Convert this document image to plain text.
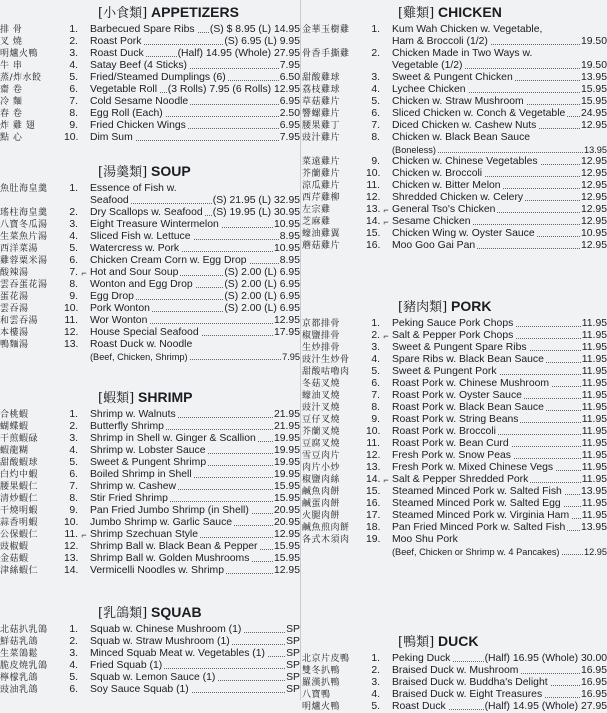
[小食類] APPETIZERS
排 骨	1. Barbecued Spare Ribs	(S) $ 8.95 (L) 14.95
叉 燒	2. Roast Pork	(S) 6.95 (L) 9.95
明爐火鴨	3. Roast Duck	(Half) 14.95 (Whole) 27.95
牛 串	4. Satay Beef (4 Sticks)	7.95
蒸/炸水餃	5. Fried/Steamed Dumplings (6)	6.50
齋 卷	6. Vegetable Roll	(3 Rolls) 7.95 (6 Rolls) 12.95
冷 麵	7. Cold Sesame Noodle	6.95
春 卷	8. Egg Roll (Each)	2.50
炸 雞 翅	9. Fried Chicken Wings	6.95
點 心	10. Dim Sum	7.95
[湯羹類] SOUP
魚肚海皇羹	1. Essence of Fish w.
Seafood	(S) 21.95 (L) 32.95
瑤柱海皇羹	2. Dry Scallops w. Seafood (S) 19.95 (L) 30.95
八寶冬瓜湯	3. Eight Treasure Wintermelon	10.95
生菜魚片湯	4. Sliced Fish w. Lettuce	8.95
西洋菜湯	5. Watercress w. Pork	10.95
雞蓉粟米湯	6. Chicken Cream Corn w. Egg Drop	8.95
酸辣湯	7. ⌐ Hot and Sour Soup	(S) 2.00 (L) 6.95
雲吞蛋花湯	8. Wonton and Egg Drop	(S) 2.00 (L) 6.95
蛋花湯	9. Egg Drop	(S) 2.00 (L) 6.95
雲吞湯	10. Pork Wonton	(S) 2.00 (L) 6.95
和雲吞湯	11. Wor Wonton	12.95
本樓湯	12. House Special Seafood	17.95
鴨麵湯	13. Roast Duck w. Noodle
(Beef, Chicken, Shrimp)	7.95
[蝦類] SHRIMP
合桃蝦	1. Shrimp w. Walnuts	21.95
蝴蝶蝦	2. Butterfly Shrimp	21.95
干煎蝦碌	3. Shrimp in Shell w. Ginger & Scallion	19.95
蝦龍糊	4. Shrimp w. Lobster Sauce	19.95
甜酸蝦球	5. Sweet & Pungent Shrimp	19.95
白灼中蝦	6. Boiled Shrimp in Shell	19.95
腰果蝦仁	7. Shrimp w. Cashew	15.95
清炒蝦仁	8. Stir Fried Shrimp	15.95
干燒明蝦	9. Pan Fried Jumbo Shrimp (in Shell)	20.95
蒜香明蝦	10. Jumbo Shrimp w. Garlic Sauce	20.95
公保蝦仁	11. ⌐ Shrimp Szechuan Style	12.95
豉椒蝦	12. Shrimp Ball w. Black Bean & Pepper	15.95
金菇蝦	13. Shrimp Ball w. Golden Mushrooms	15.95
津絲蝦仁	14. Vermicelli Noodles w. Shrimp	12.95
[乳鴿類] SQUAB
北菇扒乳鴿	1. Squab w. Chinese Mushroom (1)	SP
鮮菇乳鴿	2. Squab w. Straw Mushroom (1)	SP
生菜鴿鬆	3. Minced Squab Meat w. Vegetables (1)	SP
脆皮燒乳鴿	4. Fried Squab (1)	SP
檸檬乳鴿	5. Squab w. Lemon Sauce (1)	SP
豉油乳鴿	6. Soy Sauce Squab (1)	SP
[雞類] CHICKEN
金華玉樹雞	1. Kum Wah Chicken w. Vegetable,
Ham & Broccoli (1/2)	19.50
骨香手撕雞	2. Chicken Made in Two Ways w.
Vegetable (1/2)	19.50
甜酸雞球	3. Sweet & Pungent Chicken	13.95
荔枝雞球	4. Lychee Chicken	15.95
草菇雞片	5. Chicken w. Straw Mushroom	15.95
響螺雞片	6. Sliced Chicken w. Conch & Vegetable	24.95
腰果雞丁	7. Diced Chicken w. Cashew Nuts	12.95
豉汁雞片	8. Chicken w. Black Bean Sauce
(Boneless)	13.95
菜遠雞片	9. Chicken w. Chinese Vegetables	12.95
芥蘭雞片	10. Chicken w. Broccoli	12.95
涼瓜雞片	11. Chicken w. Bitter Melon	12.95
西芹雞柳	12. Shredded Chicken w. Celery	12.95
左宗雞	13. ⌐ General Tso's Chicken	12.95
芝麻雞	14. ⌐ Sesame Chicken	12.95
蠔油雞翼	15. Chicken Wing w. Oyster Sauce	10.95
蘑菇雞片	16. Moo Goo Gai Pan	12.95
[豬肉類] PORK
京都排骨	1. Peking Sauce Pork Chops	11.95
椒鹽排骨	2. ⌐ Salt & Pepper Pork Chops	11.95
生炒排骨	3. Sweet & Pungent Spare Ribs	11.95
豉汁生炒骨	4. Spare Ribs w. Black Bean Sauce	11.95
甜酸咕嚕肉	5. Sweet & Pungent Pork	11.95
冬菇叉燒	6. Roast Pork w. Chinese Mushroom	11.95
蠔油叉燒	7. Roast Pork w. Oyster Sauce	11.95
豉汁叉燒	8. Roast Pork w. Black Bean Sauce	11.95
豆仔叉燒	9. Roast Pork w. String Beans	11.95
芥蘭叉燒	10. Roast Pork w. Broccoli	11.95
豆腐叉燒	11. Roast Pork w. Bean Curd	11.95
雪豆肉片	12. Fresh Pork w. Snow Peas	11.95
肉片小炒	13. Fresh Pork w. Mixed Chinese Vegs	11.95
椒鹽肉絲	14. ⌐ Salt & Pepper Shredded Pork	11.95
鹹魚肉餅	15. Steamed Minced Pork w. Salted Fish	13.95
鹹蛋肉餅	16. Steamed Minced Pork w. Salted Egg	11.95
火腿肉餅	17. Steamed Minced Pork w. Virginia Ham	11.95
鹹魚煎肉餅	18. Pan Fried Minced Pork w. Salted Fish	13.95
各式木須肉	19. Moo Shu Pork
(Beef, Chicken or Shrimp w. 4 Pancakes)	12.95
[鴨類] DUCK
北京片皮鴨	1. Peking Duck	(Half) 16.95 (Whole) 30.00
雙冬扒鴨	2. Braised Duck w. Mushroom	16.95
羅漢扒鴨	3. Braised Duck w. Buddha's Delight	16.95
八寶鴨	4. Braised Duck w. Eight Treasures	16.95
明爐火鴨	5. Roast Duck	(Half) 14.95 (Whole) 27.95
